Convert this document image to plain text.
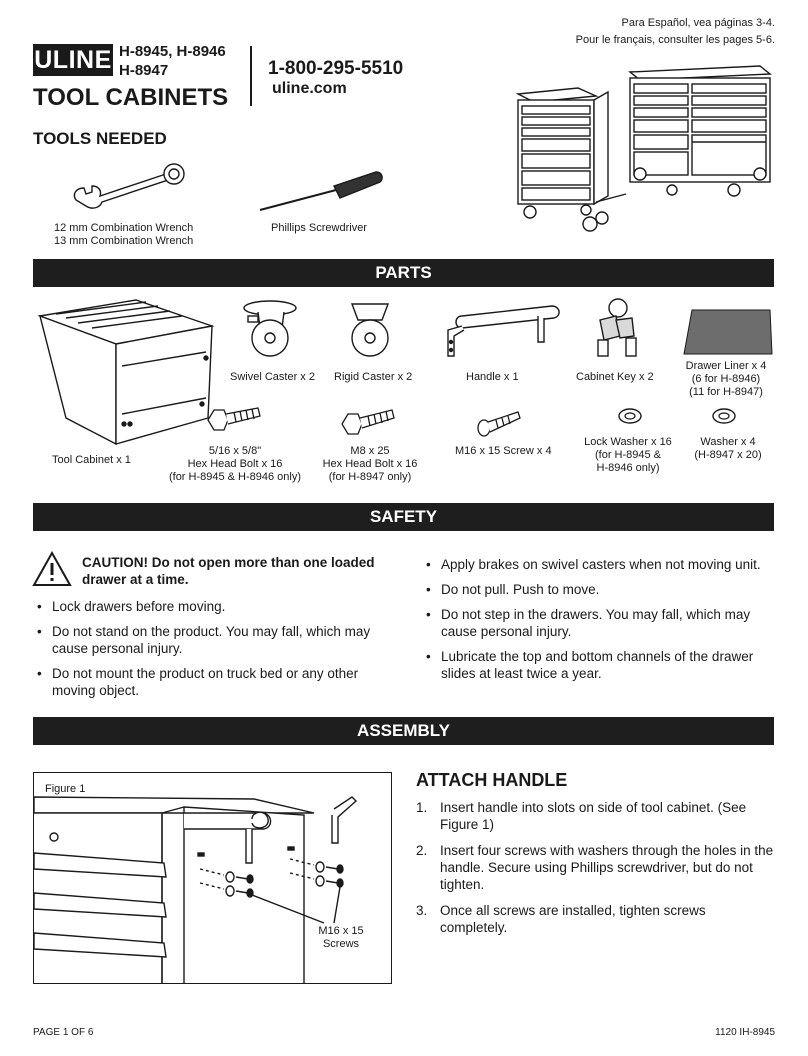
ULINE H-8945, H-8946
H-8947
TOOL CABINETS
1-800-295-5510
uline.com
Para Español, vea páginas 3-4.
Pour le français, consulter les pages 5-6.
TOOLS NEEDED
12 mm Combination Wrench
13 mm Combination Wrench
Phillips Screwdriver
PARTS
Tool Cabinet x 1
Swivel Caster x 2 Rigid Caster x 2	Handle x 1	Cabinet Key x 2
Drawer Liner x 4
(6 for H-8946)
(11 for H-8947)
5/16 x 5/8"
Hex Head Bolt x 16
(for H-8945 & H-8946 only)
M8 x 25
Hex Head Bolt x 16
(for H-8947 only)
M16 x 15 Screw x 4
Lock Washer x 16
(for H-8945 &
H-8946 only)
Washer x 4
(H-8947 x 20)
SAFETY
CAUTION! Do not open more than one loaded drawer at a time.
• Lock drawers before moving.
• Do not stand on the product. You may fall, which may cause personal injury.
• Do not mount the product on truck bed or any other moving object.
• Apply brakes on swivel casters when not moving unit.
• Do not pull. Push to move.
• Do not step in the drawers. You may fall, which may cause personal injury.
• Lubricate the top and bottom channels of the drawer slides at least twice a year.
ASSEMBLY
Figure 1
M16 x 15
Screws
ATTACH HANDLE
1. Insert handle into slots on side of tool cabinet. (See Figure 1)
2. Insert four screws with washers through the holes in the handle. Secure using Phillips screwdriver, but do not tighten.
3. Once all screws are installed, tighten screws completely.
PAGE 1 OF 6	1120 IH-8945
